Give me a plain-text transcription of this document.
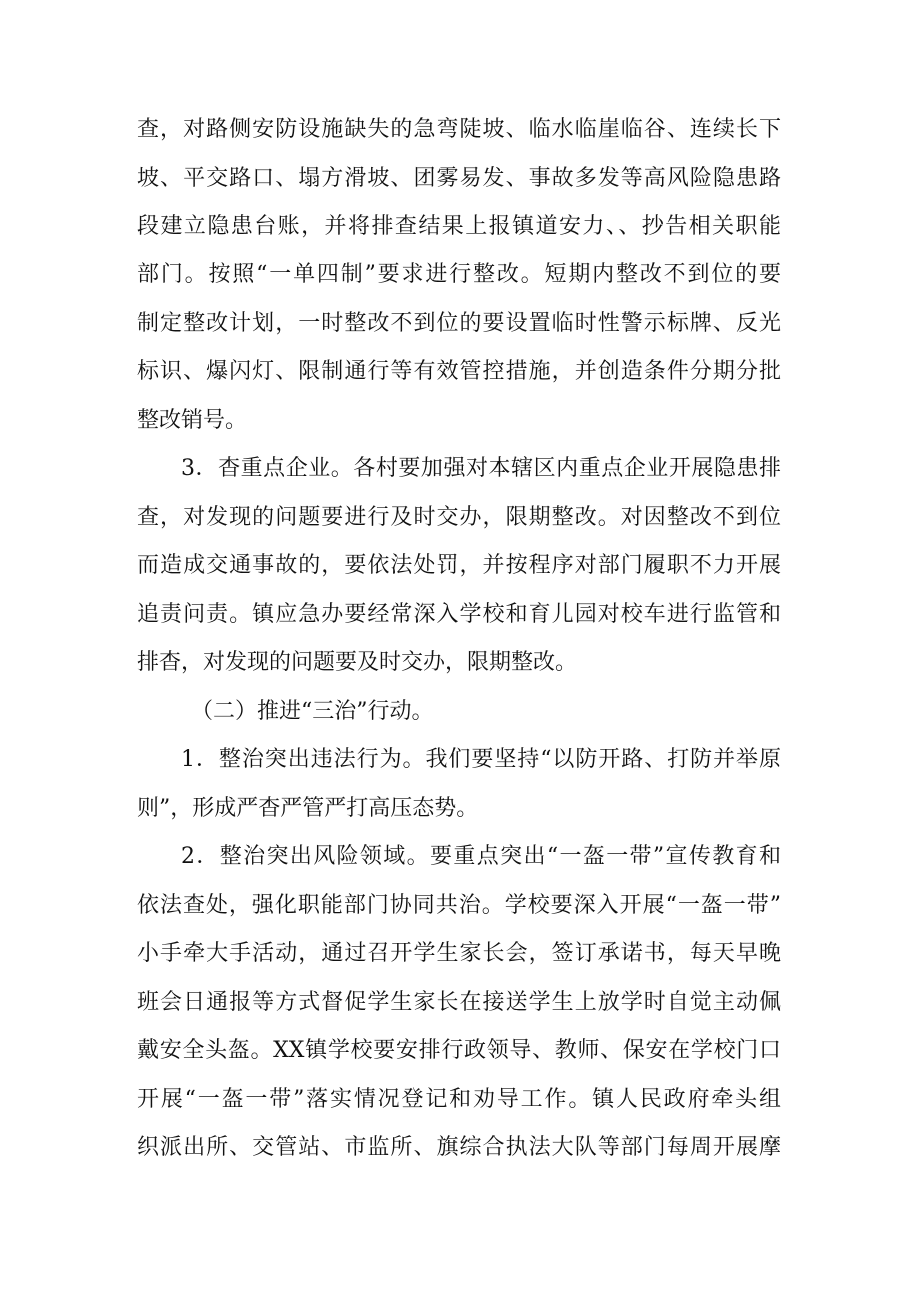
查，对路侧安防设施缺失的急弯陡坡、临水临崖临谷、连续长下
坡、平交路口、塌方滑坡、团雾易发、事故多发等高风险隐患路
段建立隐患台账，并将排查结果上报镇道安力、、抄告相关职能
部门。按照“一单四制”要求进行整改。短期内整改不到位的要
制定整改计划，一时整改不到位的要设置临时性警示标牌、反光
标识、爆闪灯、限制通行等有效管控措施，并创造条件分期分批
整改销号。
3．杳重点企业。各村要加强对本辖区内重点企业开展隐患排
查，对发现的问题要进行及时交办，限期整改。对因整改不到位
而造成交通事故的，要依法处罚，并按程序对部门履职不力开展
追责问责。镇应急办要经常深入学校和育儿园对校车进行监管和
排杳，对发现的问题要及时交办，限期整改。
（二）推进“三治”行动。
1．整治突出违法行为。我们要坚持“以防开路、打防并举原
则”，形成严杳严管严打高压态势。
2．整治突出风险领域。要重点突出“一盔一带”宣传教育和
依法查处，强化职能部门协同共治。学校要深入开展“一盔一带”
小手牵大手活动，通过召开学生家长会，签订承诺书，每天早晚
班会日通报等方式督促学生家长在接送学生上放学时自觉主动佩
戴安全头盔。XX镇学校要安排行政领导、教师、保安在学校门口
开展“一盔一带”落实情况登记和劝导工作。镇人民政府牵头组
织派出所、交管站、市监所、旗综合执法大队等部门每周开展摩
